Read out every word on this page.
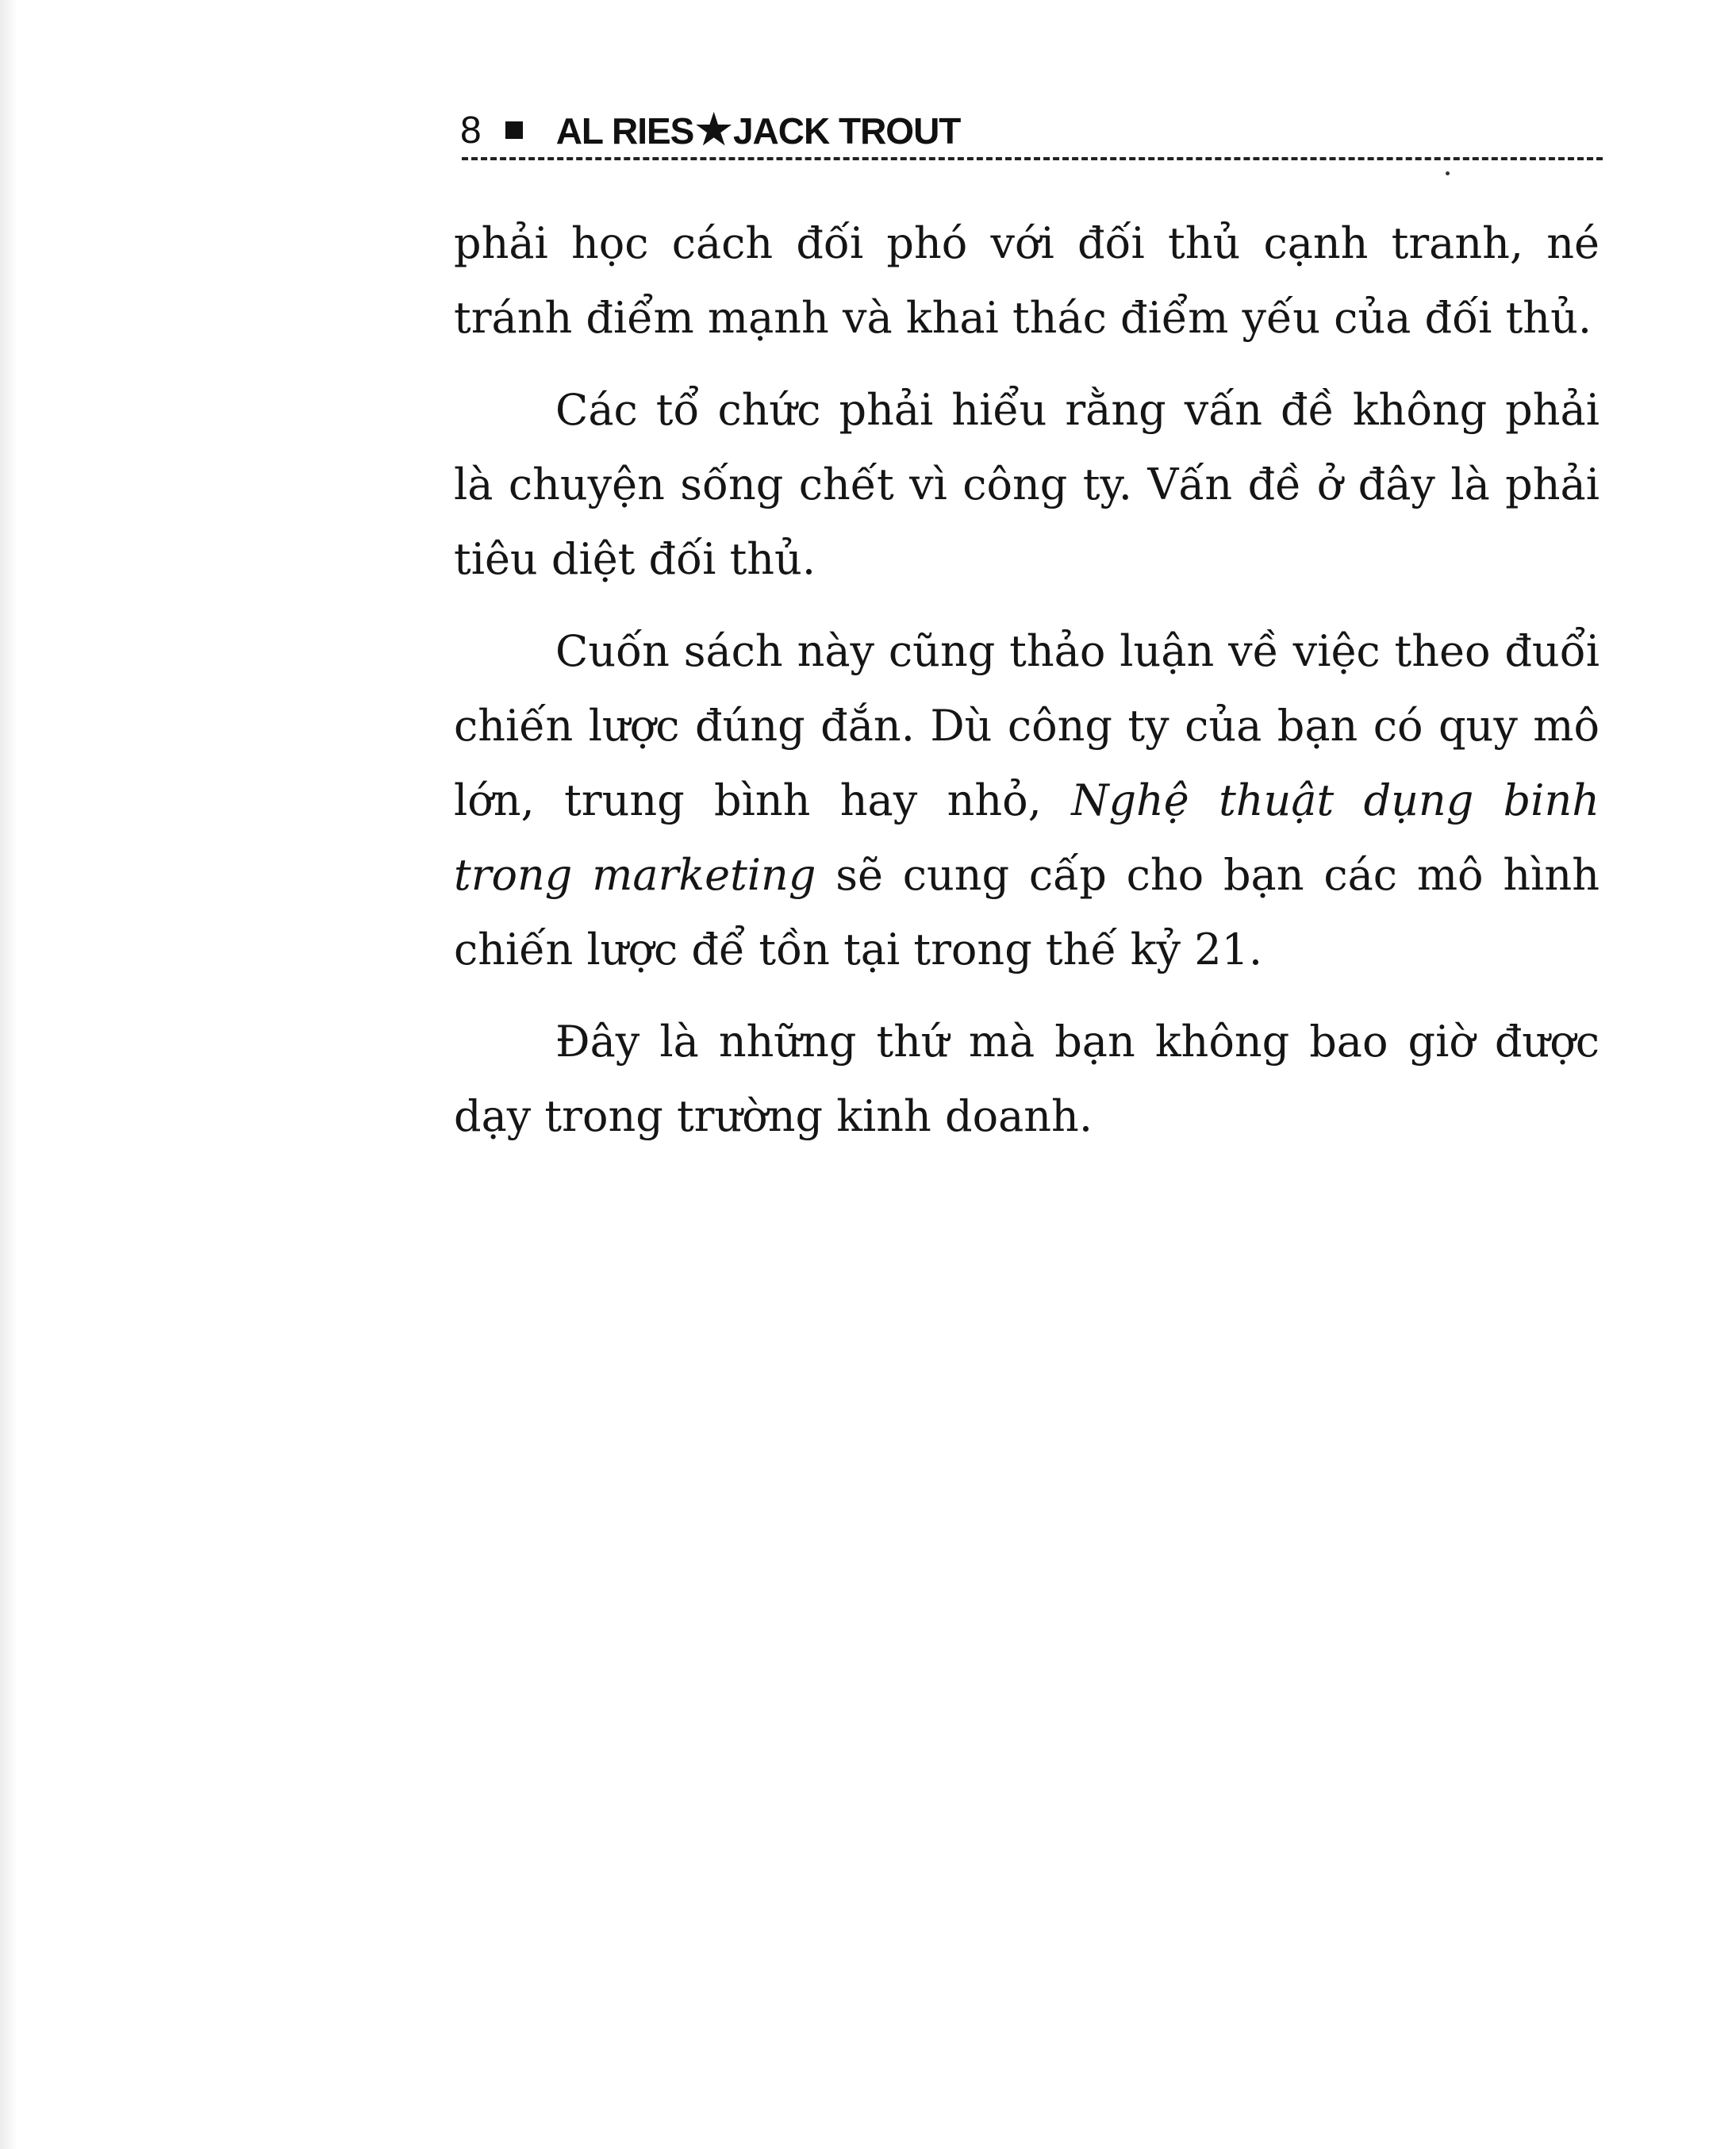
8 AL RIES★JACK TROUT

phải học cách đối phó với đối thủ cạnh tranh, né tránh điểm mạnh và khai thác điểm yếu của đối thủ.

Các tổ chức phải hiểu rằng vấn đề không phải là chuyện sống chết vì công ty. Vấn đề ở đây là phải tiêu diệt đối thủ.

Cuốn sách này cũng thảo luận về việc theo đuổi chiến lược đúng đắn. Dù công ty của bạn có quy mô lớn, trung bình hay nhỏ, Nghệ thuật dụng binh trong marketing sẽ cung cấp cho bạn các mô hình chiến lược để tồn tại trong thế kỷ 21.

Đây là những thứ mà bạn không bao giờ được dạy trong trường kinh doanh.
